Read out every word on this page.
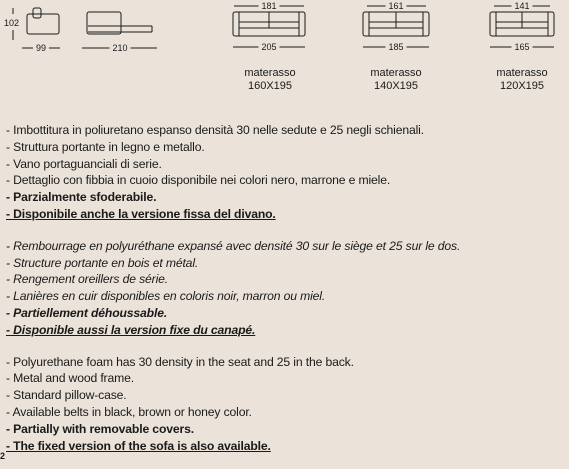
102
99	210
181
205
161
185
141
165
materasso
160X195
materasso
140X195
materasso
120X195
- Imbottitura in poliuretano espanso densità 30 nelle sedute e 25 negli schienali.
- Struttura portante in legno e metallo.
- Vano portaguanciali di serie.
- Dettaglio con fibbia in cuoio disponibile nei colori nero, marrone e miele.
- Parzialmente sfoderabile.
- Disponibile anche la versione fissa del divano.
- Rembourrage en polyuréthane expansé avec densité 30 sur le siège et 25 sur le dos.
- Structure portante en bois et métal.
- Rengement oreillers de série.
- Lanières en cuir disponibles en coloris noir, marron ou miel.
- Partiellement déhoussable.
- Disponible aussi la version fixe du canapé.
- Polyurethane foam has 30 density in the seat and 25 in the back.
- Metal and wood frame.
- Standard pillow-case.
- Available belts in black, brown or honey color.
- Partially with removable covers.
- The fixed version of the sofa is also available.
2
